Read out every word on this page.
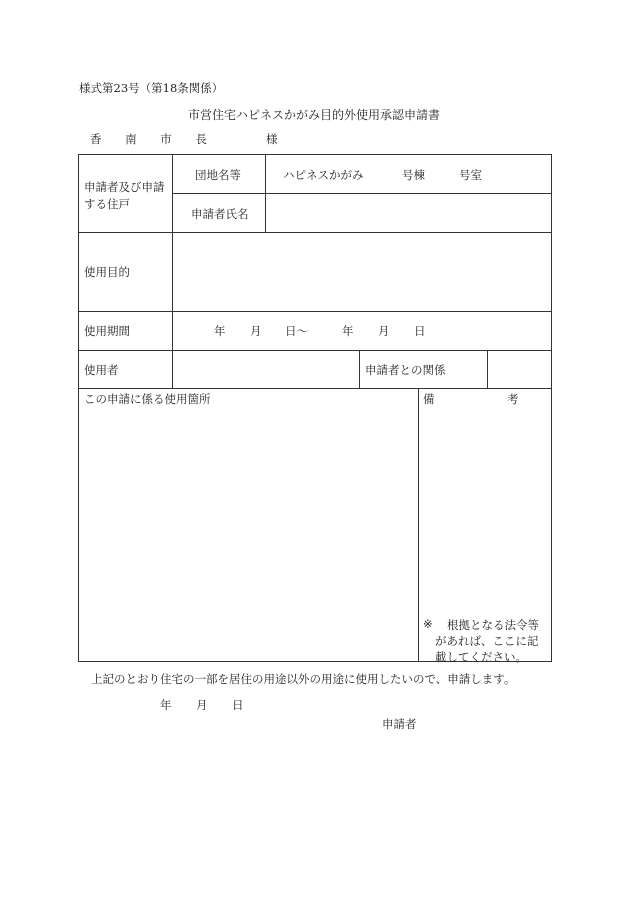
様式第23号（第18条関係）
市営住宅ハピネスかがみ目的外使用承認申請書
香 南 市 長	様
申請者及び申請
する住戸
団地名等	ハピネスかがみ	号棟	号室
申請者氏名
使用目的
使用期間	年 月 日～	年 月 日
使用者	申請者との関係
この申請に係る使用箇所	備	考
※ 根拠となる法令等
があれば、ここに記
載してください。
上記のとおり住宅の一部を居住の用途以外の用途に使用したいので、申請します。
年 月 日
申請者
